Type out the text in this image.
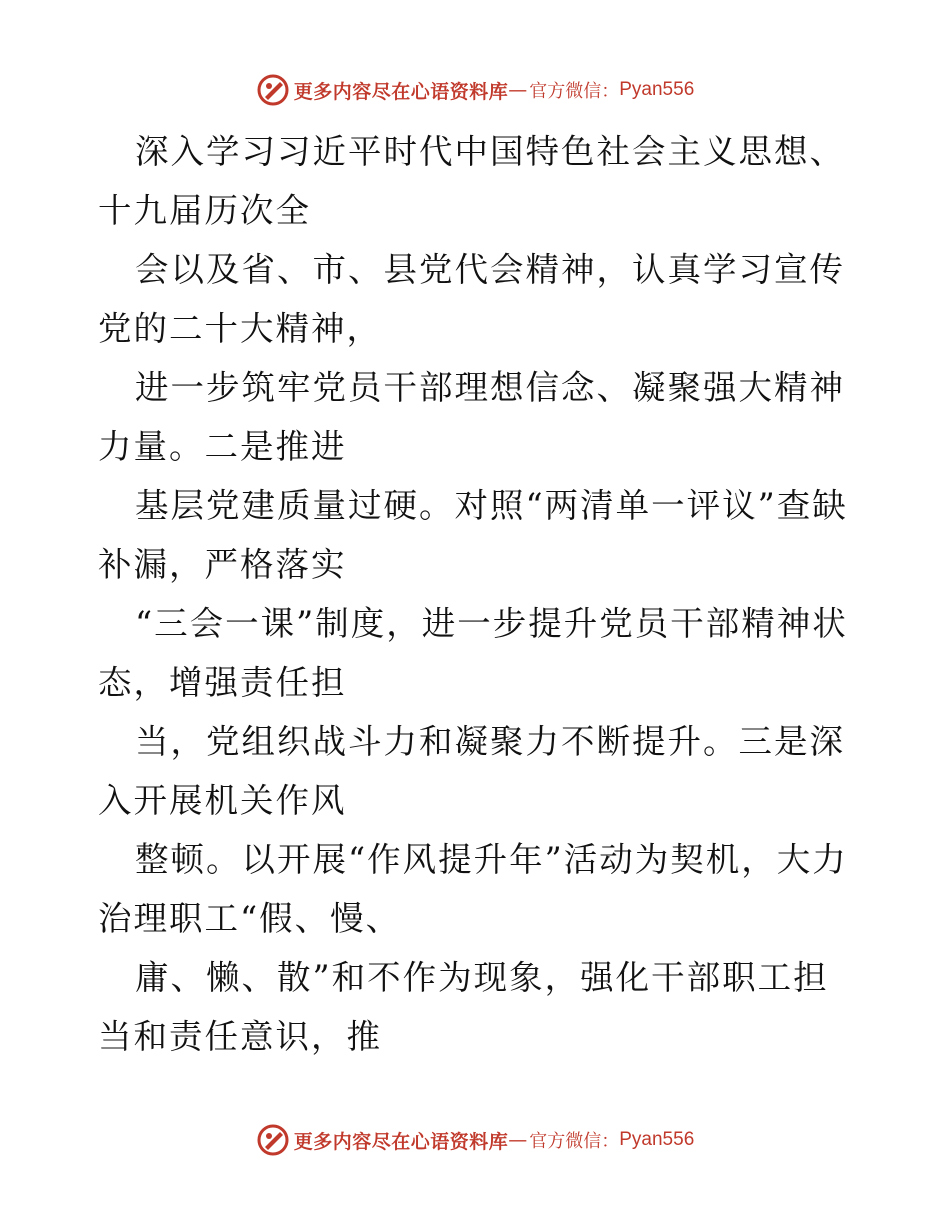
更多内容尽在心语资料库 — 官方微信： Pyan556

深入学习习近平时代中国特色社会主义思想、十九届历次全

会以及省、市、县党代会精神，认真学习宣传党的二十大精神，

进一步筑牢党员干部理想信念、凝聚强大精神力量。二是推进

基层党建质量过硬。对照“两清单一评议”查缺补漏，严格落实

“三会一课”制度，进一步提升党员干部精神状态，增强责任担

当，党组织战斗力和凝聚力不断提升。三是深入开展机关作风

整顿。以开展“作风提升年”活动为契机，大力治理职工“假、慢、

庸、懒、散”和不作为现象，强化干部职工担当和责任意识，推

更多内容尽在心语资料库 — 官方微信： Pyan556
